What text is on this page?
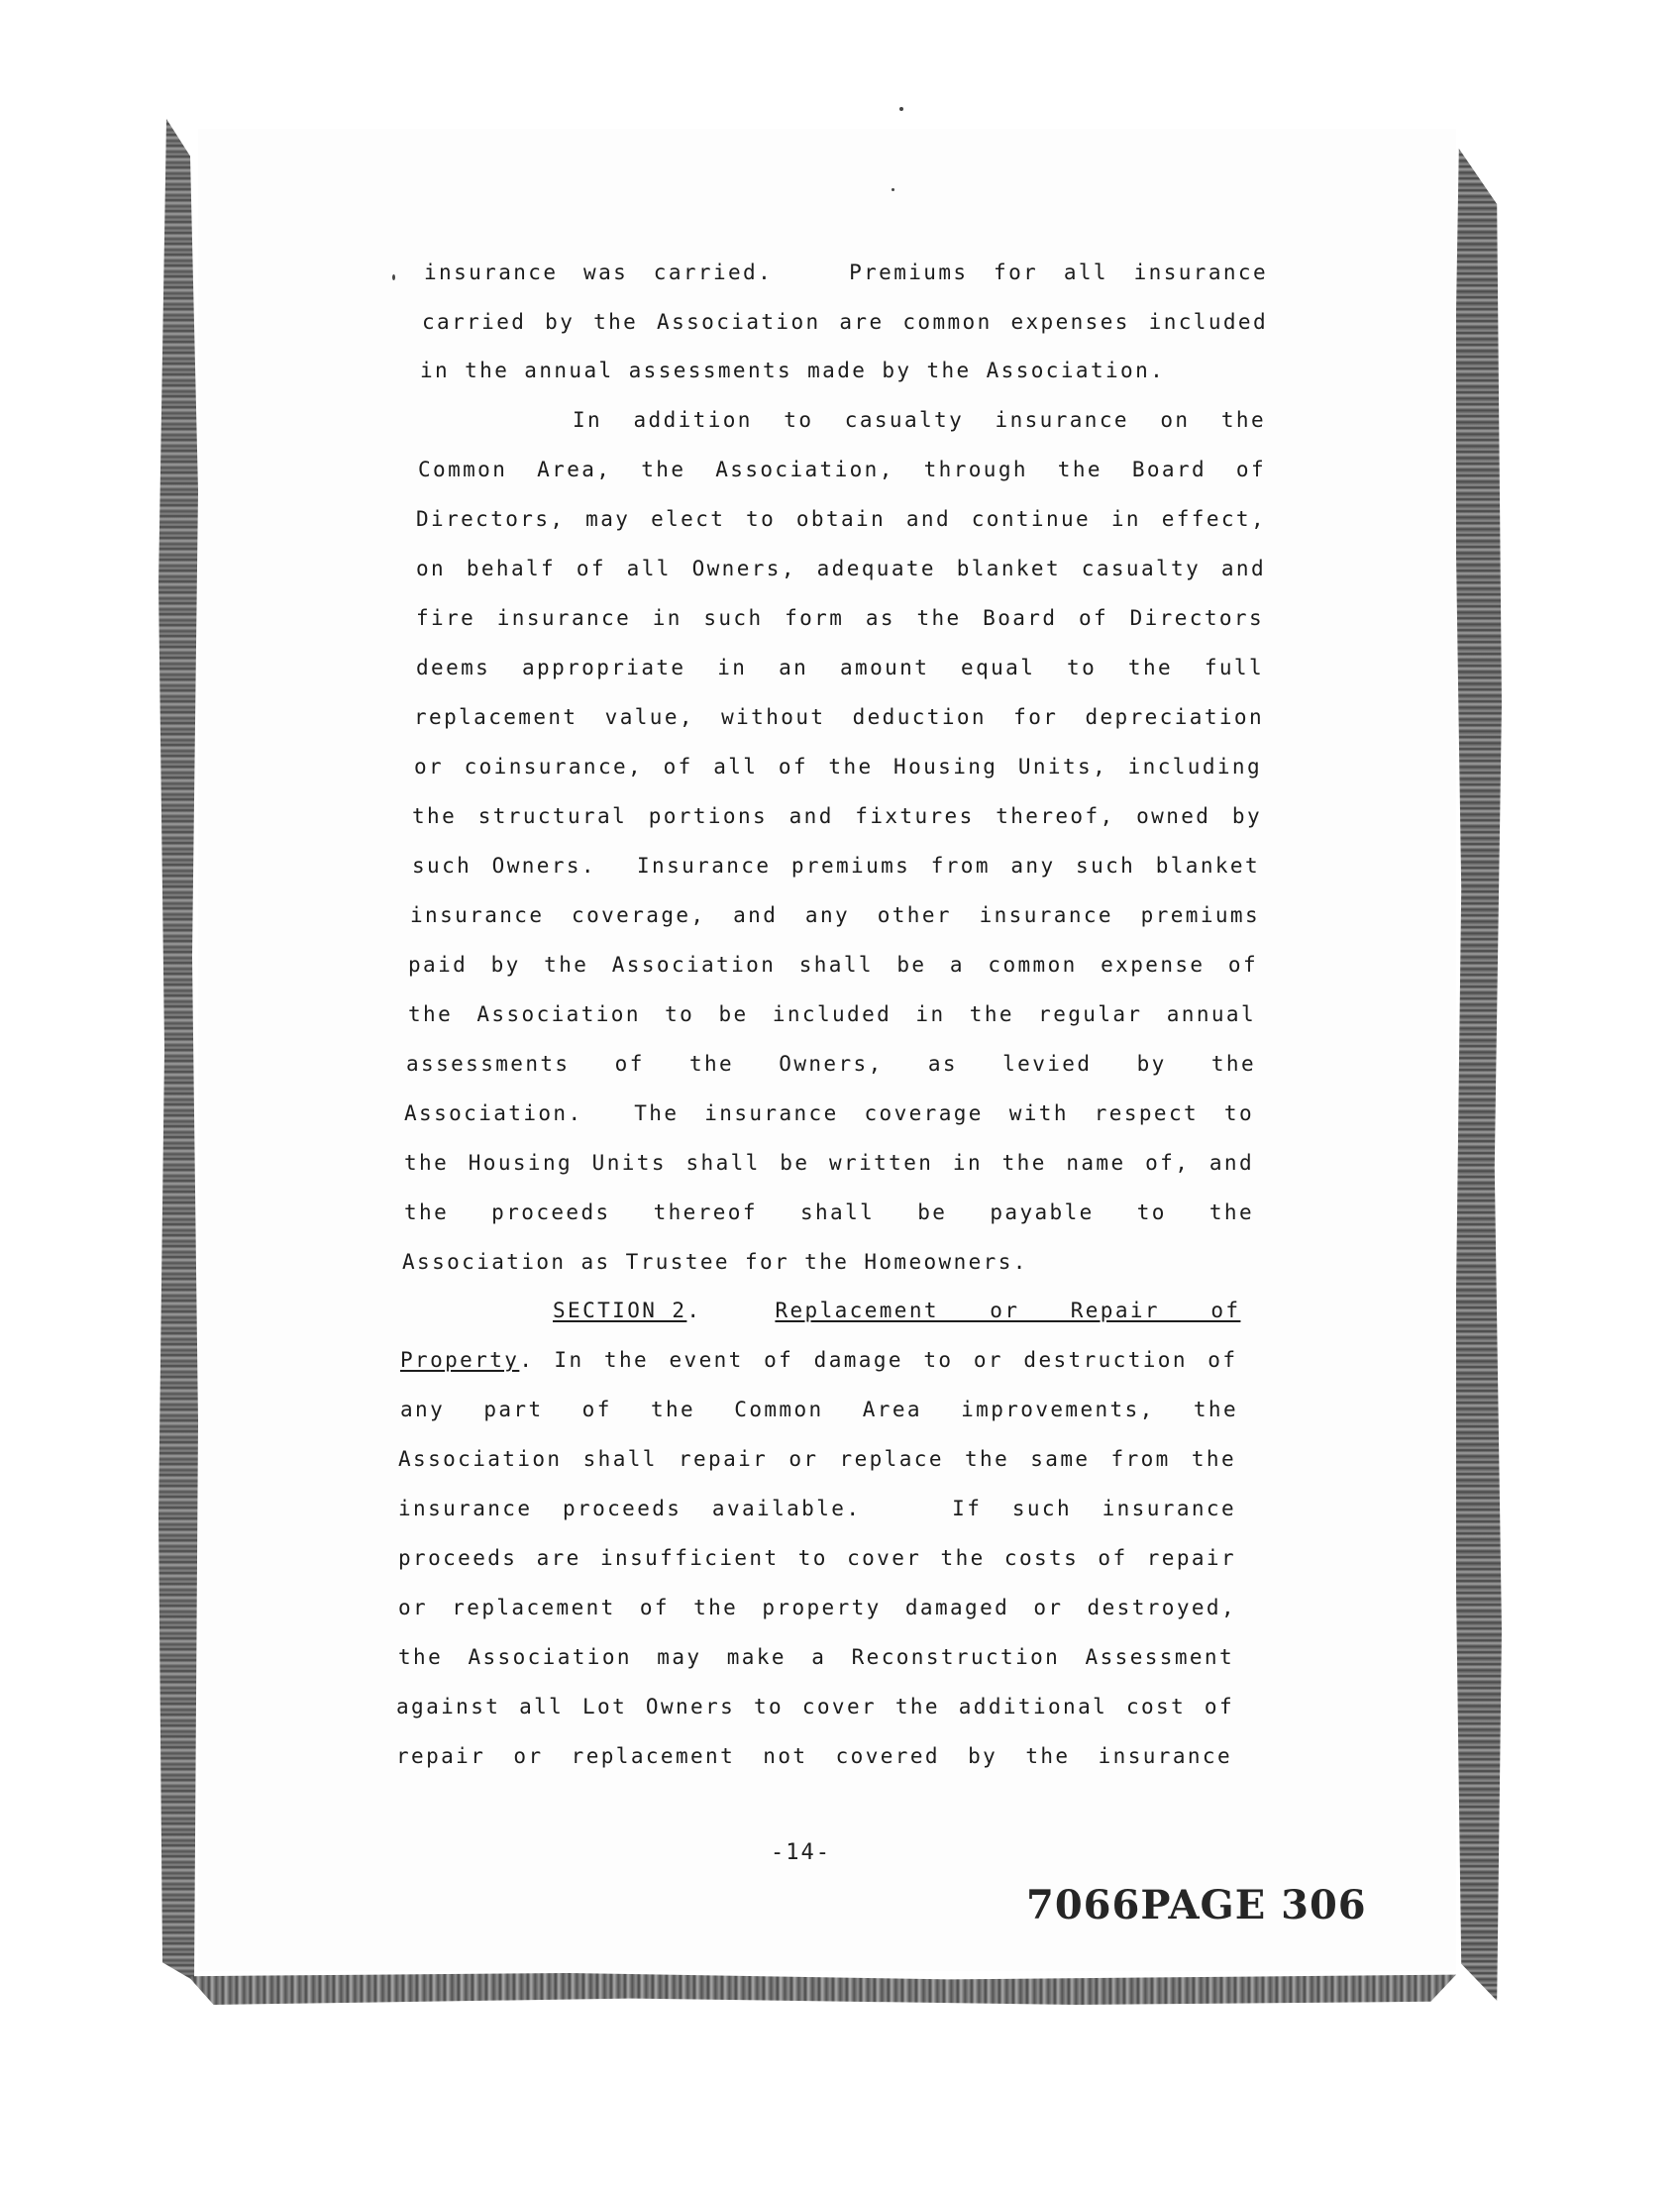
insurance was carried.   Premiums for all insurance
carried by the Association are common expenses included
in the annual assessments made by the Association.
In addition to casualty insurance on the
Common Area, the Association, through the Board of
Directors, may elect to obtain and continue in effect,
on behalf of all Owners, adequate blanket casualty and
fire insurance in such form as the Board of Directors
deems appropriate in an amount equal to the full
replacement value, without deduction for depreciation
or coinsurance, of all of the Housing Units, including
the structural portions and fixtures thereof, owned by
such Owners.  Insurance premiums from any such blanket
insurance coverage, and any other insurance premiums
paid by the Association shall be a common expense of
the Association to be included in the regular annual
assessments of the Owners, as levied by the
Association.  The insurance coverage with respect to
the Housing Units shall be written in the name of, and
the proceeds thereof shall be payable to the
Association as Trustee for the Homeowners.
SECTION 2.	Replacement or Repair of
Property. In the event of damage to or destruction of
any part of the Common Area improvements, the
Association shall repair or replace the same from the
insurance proceeds available.   If such insurance
proceeds are insufficient to cover the costs of repair
or replacement of the property damaged or destroyed,
the Association may make a Reconstruction Assessment
against all Lot Owners to cover the additional cost of
repair or replacement not covered by the insurance
-14-
7066PAGE 306
